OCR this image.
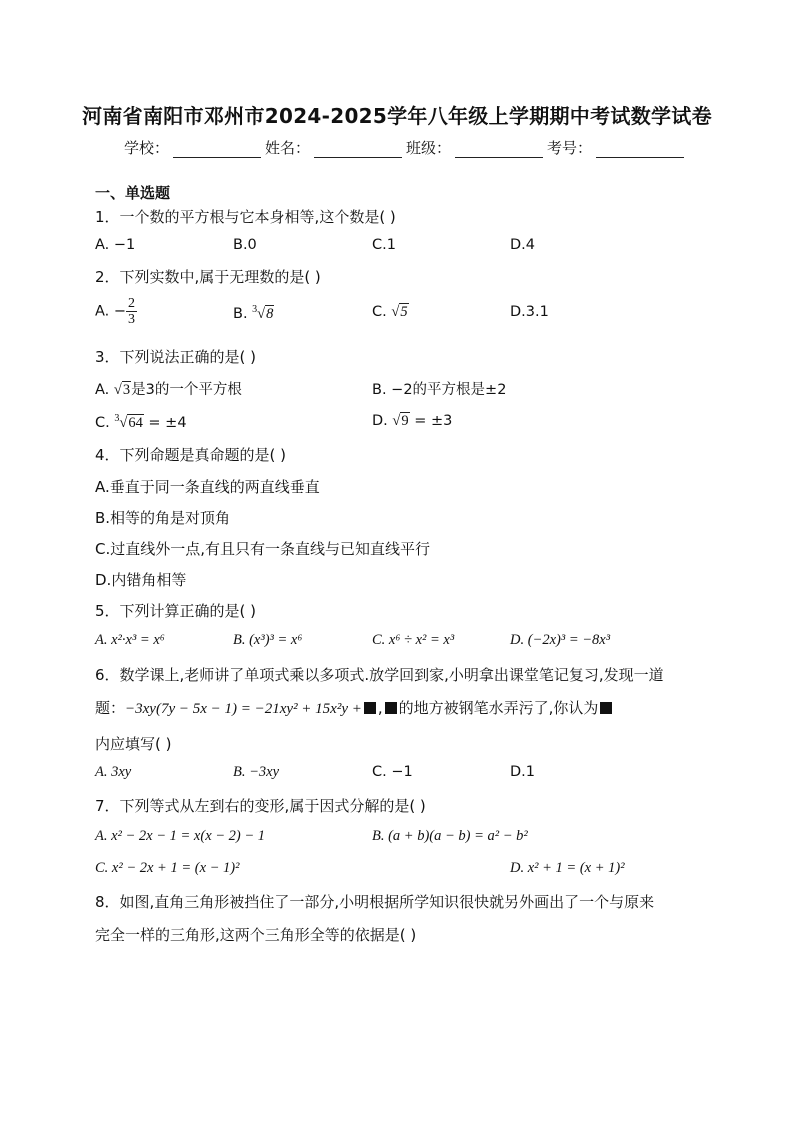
河南省南阳市邓州市2024-2025学年八年级上学期期中考试数学试卷
学校：	姓名：	班级：	考号：
一、单选题
1．一个数的平方根与它本身相等,这个数是( )
A. −1	B.0	C.1	D.4
2．下列实数中,属于无理数的是( )
A. − $\frac{2}{3}$	B. $^3$√8	C. √5	D.3.1
3．下列说法正确的是( )
A. √3是3的一个平方根	B. −2的平方根是±2
C. $^3$√64 = ±4	D. √9 = ±3
4．下列命题是真命题的是( )
A.垂直于同一条直线的两直线垂直
B.相等的角是对顶角
C.过直线外一点,有且只有一条直线与已知直线平行
D.内错角相等
5．下列计算正确的是( )
A. x²·x³ = x⁶	B. (x³)³ = x⁶	C. x⁶ ÷ x² = x³	D. (−2x)³ = −8x³
6．数学课上,老师讲了单项式乘以多项式.放学回到家,小明拿出课堂笔记复习,发现一道
题：−3xy(7y − 5x − 1) = −21xy² + 15x²y + , 的地方被钢笔水弄污了,你认为
内应填写( )
A. 3xy	B. −3xy	C. −1	D.1
7．下列等式从左到右的变形,属于因式分解的是( )
A. x² − 2x − 1 = x(x − 2) − 1	B. (a + b)(a − b) = a² − b²
C. x² − 2x + 1 = (x − 1)²	D. x² + 1 = (x + 1)²
8．如图,直角三角形被挡住了一部分,小明根据所学知识很快就另外画出了一个与原来
完全一样的三角形,这两个三角形全等的依据是( )
